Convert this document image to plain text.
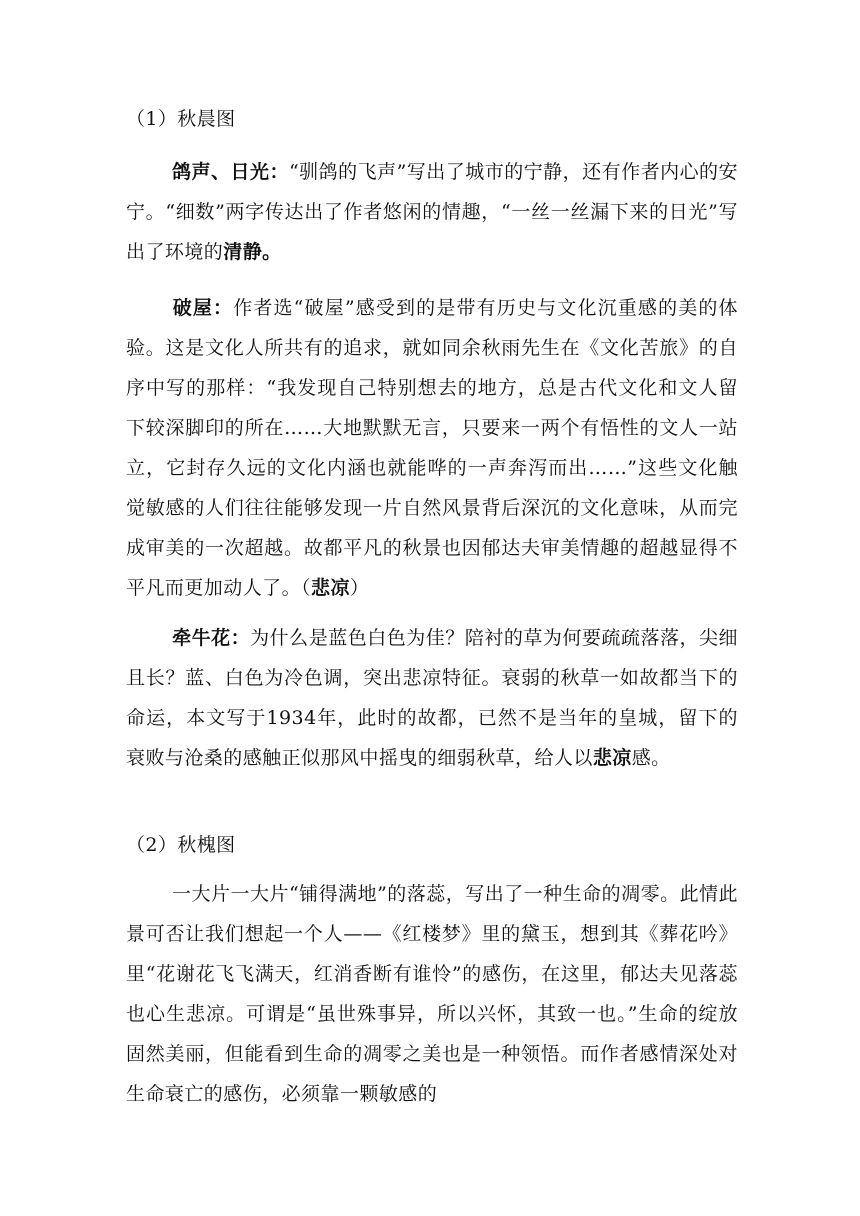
（1）秋晨图
鸽声、日光：“驯鸽的飞声”写出了城市的宁静，还有作者内心的安宁。“细数”两字传达出了作者悠闲的情趣，“一丝一丝漏下来的日光”写出了环境的清静。
破屋：作者选“破屋”感受到的是带有历史与文化沉重感的美的体验。这是文化人所共有的追求，就如同余秋雨先生在《文化苦旅》的自序中写的那样：“我发现自己特别想去的地方，总是古代文化和文人留下较深脚印的所在……大地默默无言，只要来一两个有悟性的文人一站立，它封存久远的文化内涵也就能哗的一声奔泻而出……”这些文化触觉敏感的人们往往能够发现一片自然风景背后深沉的文化意味，从而完成审美的一次超越。故都平凡的秋景也因郁达夫审美情趣的超越显得不平凡而更加动人了。（悲凉）
牵牛花：为什么是蓝色白色为佳？陪衬的草为何要疏疏落落，尖细且长？蓝、白色为冷色调，突出悲凉特征。衰弱的秋草一如故都当下的命运，本文写于1934年，此时的故都，已然不是当年的皇城，留下的衰败与沧桑的感触正似那风中摇曳的细弱秋草，给人以悲凉感。
（2）秋槐图
一大片一大片“铺得满地”的落蕊，写出了一种生命的凋零。此情此景可否让我们想起一个人——《红楼梦》里的黛玉，想到其《葬花吟》里“花谢花飞飞满天，红消香断有谁怜”的感伤，在这里，郁达夫见落蕊也心生悲凉。可谓是“虽世殊事异，所以兴怀，其致一也。”生命的绽放固然美丽，但能看到生命的凋零之美也是一种领悟。而作者感情深处对生命衰亡的感伤，必须靠一颗敏感的
